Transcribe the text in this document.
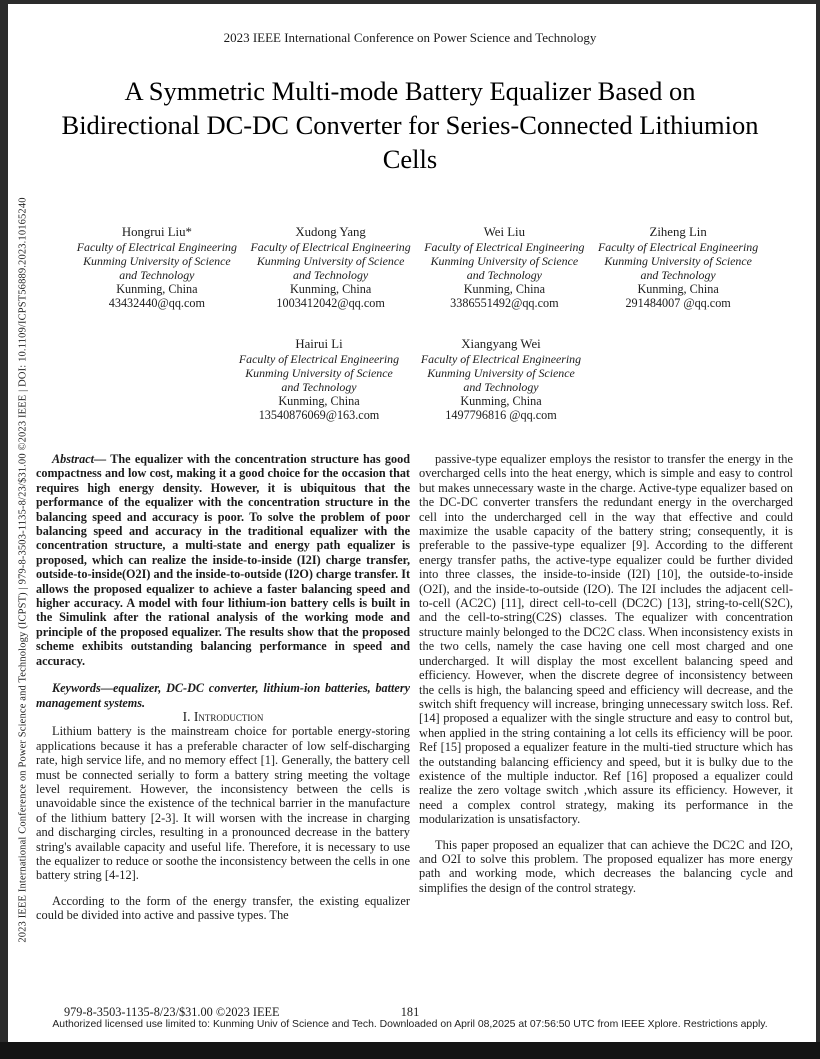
2023 IEEE International Conference on Power Science and Technology (ICPST) | 979-8-3503-1135-8/23/$31.00 ©2023 IEEE | DOI: 10.1109/ICPST56889.2023.10165240
2023 IEEE International Conference on Power Science and Technology
A Symmetric Multi-mode Battery Equalizer Based on Bidirectional DC-DC Converter for Series-Connected Lithiumion Cells
Hongrui Liu*
Faculty of Electrical Engineering
Kunming University of Science
and Technology
Kunming, China
43432440@qq.com
Xudong Yang
Faculty of Electrical Engineering
Kunming University of Science
and Technology
Kunming, China
1003412042@qq.com
Wei Liu
Faculty of Electrical Engineering
Kunming University of Science
and Technology
Kunming, China
3386551492@qq.com
Ziheng Lin
Faculty of Electrical Engineering
Kunming University of Science
and Technology
Kunming, China
291484007 @qq.com
Hairui Li
Faculty of Electrical Engineering
Kunming University of Science
and Technology
Kunming, China
13540876069@163.com
Xiangyang Wei
Faculty of Electrical Engineering
Kunming University of Science
and Technology
Kunming, China
1497796816 @qq.com

Abstract— The equalizer with the concentration structure has good compactness and low cost, making it a good choice for the occasion that requires high energy density. However, it is ubiquitous that the performance of the equalizer with the concentration structure in the balancing speed and accuracy is poor. To solve the problem of poor balancing speed and accuracy in the traditional equalizer with the concentration structure, a multi-state and energy path equalizer is proposed, which can realize the inside-to-inside (I2I) charge transfer, outside-to-inside(O2I) and the inside-to-outside (I2O) charge transfer. It allows the proposed equalizer to achieve a faster balancing speed and higher accuracy. A model with four lithium-ion battery cells is built in the Simulink after the rational analysis of the working mode and principle of the proposed equalizer. The results show that the proposed scheme exhibits outstanding balancing performance in speed and accuracy.

Keywords—equalizer, DC-DC converter, lithium-ion batteries, battery management systems.

I. Introduction

Lithium battery is the mainstream choice for portable energy-storing applications because it has a preferable character of low self-discharging rate, high service life, and no memory effect [1]. Generally, the battery cell must be connected serially to form a battery string meeting the voltage level requirement. However, the inconsistency between the cells is unavoidable since the existence of the technical barrier in the manufacture of the lithium battery [2-3]. It will worsen with the increase in charging and discharging circles, resulting in a pronounced decrease in the battery string's available capacity and useful life. Therefore, it is necessary to use the equalizer to reduce or soothe the inconsistency between the cells in one battery string [4-12].

According to the form of the energy transfer, the existing equalizer could be divided into active and passive types. The

passive-type equalizer employs the resistor to transfer the energy in the overcharged cells into the heat energy, which is simple and easy to control but makes unnecessary waste in the charge. Active-type equalizer based on the DC-DC converter transfers the redundant energy in the overcharged cell into the undercharged cell in the way that effective and could maximize the usable capacity of the battery string; consequently, it is preferable to the passive-type equalizer [9]. According to the different energy transfer paths, the active-type equalizer could be further divided into three classes, the inside-to-inside (I2I) [10], the outside-to-inside (O2I), and the inside-to-outside (I2O). The I2I includes the adjacent cell-to-cell (AC2C) [11], direct cell-to-cell (DC2C) [13], string-to-cell(S2C), and the cell-to-string(C2S) classes. The equalizer with concentration structure mainly belonged to the DC2C class. When inconsistency exists in the two cells, namely the case having one cell most charged and one undercharged. It will display the most excellent balancing speed and efficiency. However, when the discrete degree of inconsistency between the cells is high, the balancing speed and efficiency will decrease, and the switch shift frequency will increase, bringing unnecessary switch loss. Ref. [14] proposed a equalizer with the single structure and easy to control but, when applied in the string containing a lot cells its efficiency will be poor. Ref [15] proposed a equalizer feature in the multi-tied structure which has the outstanding balancing efficiency and speed, but it is bulky due to the existence of the multiple inductor. Ref [16] proposed a equalizer could realize the zero voltage switch ,which assure its efficiency. However, it need a complex control strategy, making its performance in the modularization is unsatisfactory.

This paper proposed an equalizer that can achieve the DC2C and I2O, and O2I to solve this problem. The proposed equalizer has more energy path and working mode, which decreases the balancing cycle and simplifies the design of the control strategy.

979-8-3503-1135-8/23/$31.00 ©2023 IEEE	181
Authorized licensed use limited to: Kunming Univ of Science and Tech. Downloaded on April 08,2025 at 07:56:50 UTC from IEEE Xplore. Restrictions apply.
